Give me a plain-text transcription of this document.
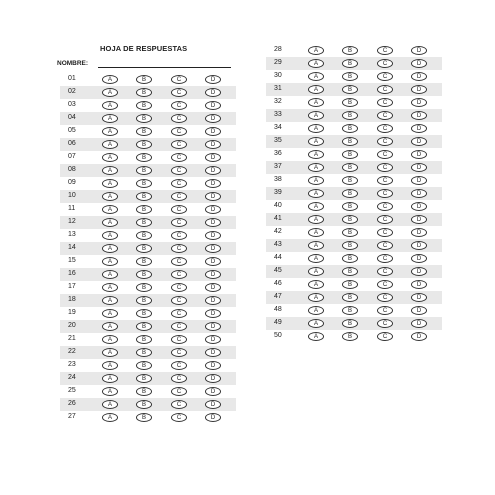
HOJA DE RESPUESTAS
NOMBRE:
01	A	B	C	D
02	A	B	C	D
03	A	B	C	D
04	A	B	C	D
05	A	B	C	D
06	A	B	C	D
07	A	B	C	D
08	A	B	C	D
09	A	B	C	D
10	A	B	C	D
11	A	B	C	D
12	A	B	C	D
13	A	B	C	D
14	A	B	C	D
15	A	B	C	D
16	A	B	C	D
17	A	B	C	D
18	A	B	C	D
19	A	B	C	D
20	A	B	C	D
21	A	B	C	D
22	A	B	C	D
23	A	B	C	D
24	A	B	C	D
25	A	B	C	D
26	A	B	C	D
27	A	B	C	D
28	A	B	C	D
29	A	B	C	D
30	A	B	C	D
31	A	B	C	D
32	A	B	C	D
33	A	B	C	D
34	A	B	C	D
35	A	B	C	D
36	A	B	C	D
37	A	B	C	D
38	A	B	C	D
39	A	B	C	D
40	A	B	C	D
41	A	B	C	D
42	A	B	C	D
43	A	B	C	D
44	A	B	C	D
45	A	B	C	D
46	A	B	C	D
47	A	B	C	D
48	A	B	C	D
49	A	B	C	D
50	A	B	C	D
